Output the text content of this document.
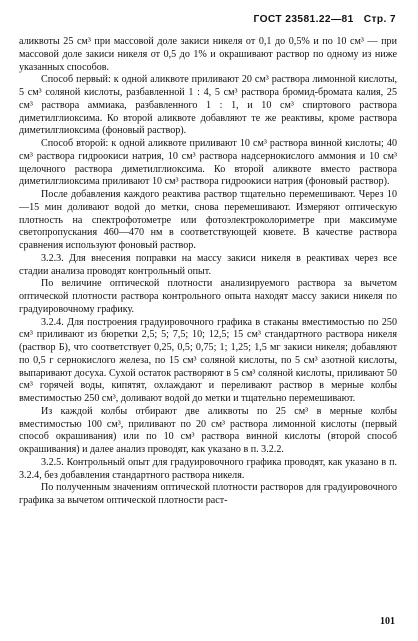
ГОСТ 23581.22—81 Стр. 7

аликвоты 25 см³ при массовой доле закиси никеля от 0,1 до 0,5% и по 10 см³ — при массовой доле закиси никеля от 0,5 до 1% и окрашивают раствор по одному из ниже указанных способов.

Способ первый: к одной аликвоте приливают 20 см³ раствора лимонной кислоты, 5 см³ соляной кислоты, разбавленной 1 : 4, 5 см³ раствора бромид-бромата калия, 25 см³ раствора аммиака, разбавленного 1 : 1, и 10 см³ спиртового раствора диметилглиоксима. Ко второй аликвоте добавляют те же реактивы, кроме раствора диметилглиоксима (фоновый раствор).

Способ второй: к одной аликвоте приливают 10 см³ раствора винной кислоты; 40 см³ раствора гидроокиси натрия, 10 см³ раствора надсернокислого аммония и 10 см³ щелочного раствора диметилглиоксима. Ко второй аликвоте вместо раствора диметилглиоксима приливают 10 см³ раствора гидроокиси натрия (фоновый раствор).

После добавления каждого реактива раствор тщательно перемешивают. Через 10—15 мин доливают водой до метки, снова перемешивают. Измеряют оптическую плотность на спектрофотометре или фотоэлектроколориметре при максимуме светопропускания 460—470 нм в соответствующей кювете. В качестве раствора сравнения используют фоновый раствор.

3.2.3. Для внесения поправки на массу закиси никеля в реактивах через все стадии анализа проводят контрольный опыт.

По величине оптической плотности анализируемого раствора за вычетом оптической плотности раствора контрольного опыта находят массу закиси никеля по градуировочному графику.

3.2.4. Для построения градуировочного графика в стаканы вместимостью по 250 см³ приливают из бюретки 2,5; 5; 7,5; 10; 12,5; 15 см³ стандартного раствора никеля (раствор Б), что соответствует 0,25, 0,5; 0,75; 1; 1,25; 1,5 мг закиси никеля; добавляют по 0,5 г сернокислого железа, по 15 см³ соляной кислоты, по 5 см³ азотной кислоты, выпаривают досуха. Сухой остаток растворяют в 5 см³ соляной кислоты, приливают 50 см³ горячей воды, кипятят, охлаждают и переливают раствор в мерные колбы вместимостью 250 см³, доливают водой до метки и тщательно перемешивают.

Из каждой колбы отбирают две аликвоты по 25 см³ в мерные колбы вместимостью 100 см³, приливают по 20 см³ раствора лимонной кислоты (первый способ окрашивания) или по 10 см³ раствора винной кислоты (второй способ окрашивания) и далее анализ проводят, как указано в п. 3.2.2.

3.2.5. Контрольный опыт для градуировочного графика проводят, как указано в п. 3.2.4, без добавления стандартного раствора никеля.

По полученным значениям оптической плотности растворов для градуировочного графика за вычетом оптической плотности раст-

101
